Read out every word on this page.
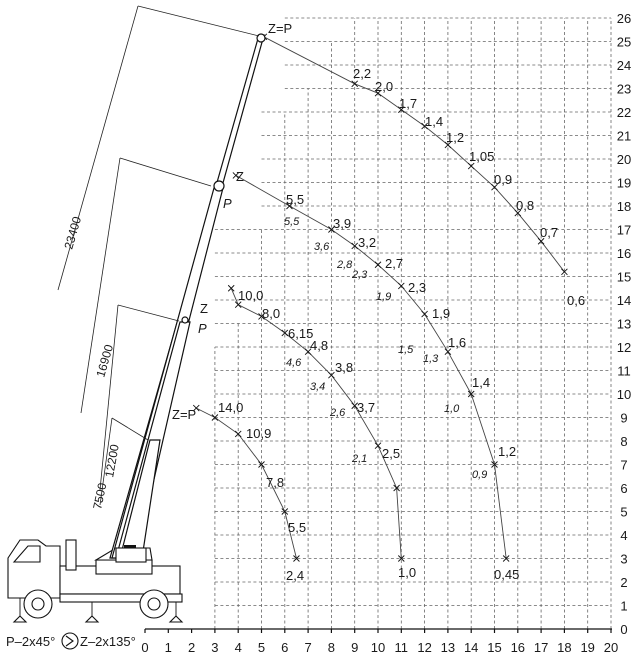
23400
16900
12200
7500
Z=P
Z
P
Z
P
Z=P
0 1 2 3 4 5 6 7 8 9 10 11 12 13 14 15 16 17 18 19 20
0
1
2
3
4
5
6
7
8
9
10
11
12
13
14
15
16
17
18
19
20
21
22
23
24
25
26
P–2x45° Z–2x135°
2,2
2,0
1,7
1,4
1,2
1,05
0,9
0,8
0,7
0,6
5,5
3,9
3,2
2,7
2,3
1,9
1,6
1,4
1,2
0,45
5,5
3,6
2,8
2,3
1,9
1,5
1,3
1,0
0,9
10,0
8,0
6,15
4,8
3,8
3,7
2,5
1,0
4,6
3,4
2,6
2,1
14,0
10,9
7,8
5,5
2,4
